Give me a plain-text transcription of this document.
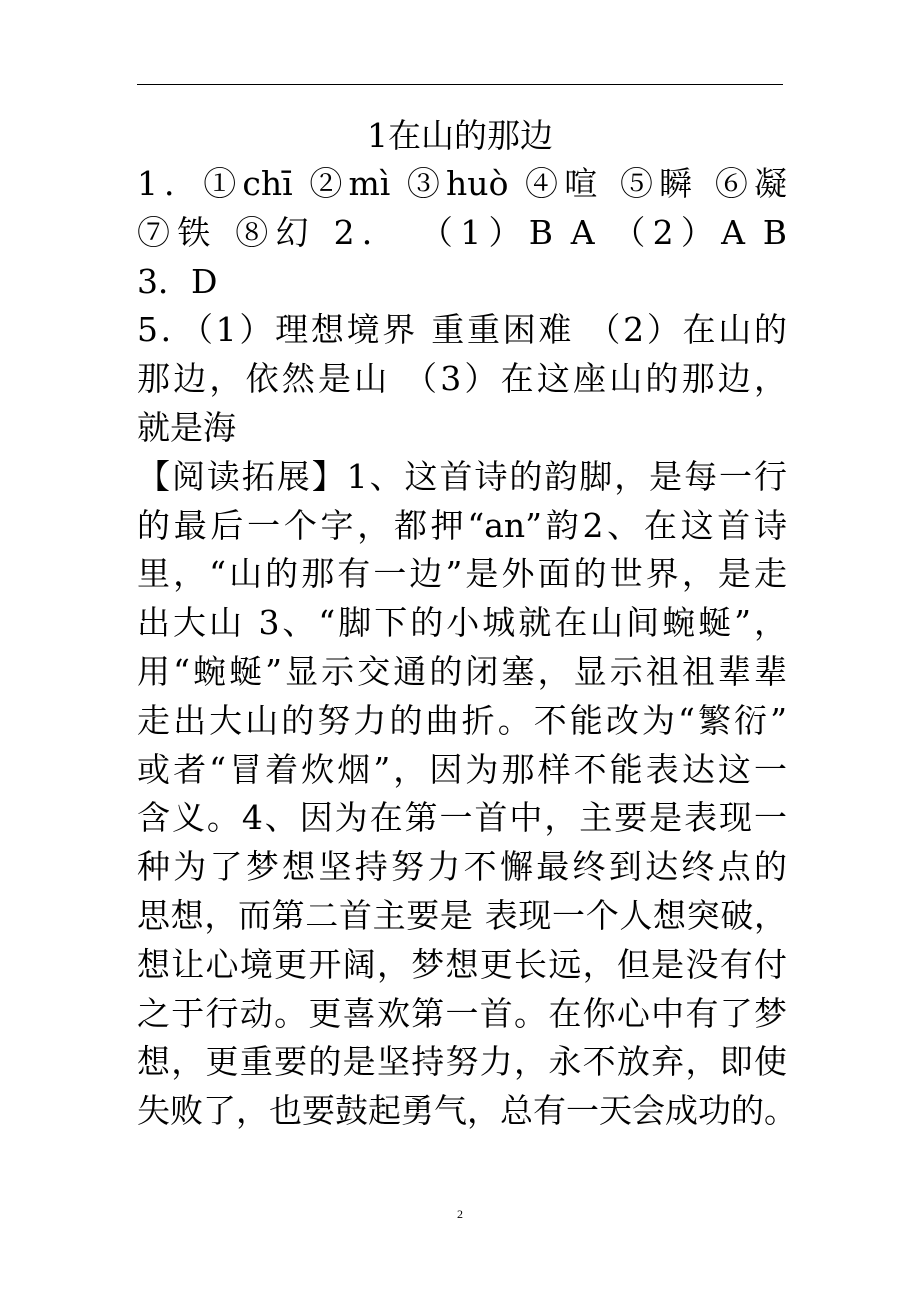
1在山的那边
1．①chī ②mì ③huò ④喧 ⑤瞬 ⑥凝
⑦铁 ⑧幻 2． （1）B A （2）A B
3．D
5．（1）理想境界 重重困难 （2）在山的
那边，依然是山 （3）在这座山的那边，
就是海
【阅读拓展】1、这首诗的韵脚，是每一行
的最后一个字，都押“an”韵2、在这首诗
里，“山的那有一边”是外面的世界，是走
出大山 3、“脚下的小城就在山间蜿蜒”，
用“蜿蜒”显示交通的闭塞，显示祖祖辈辈
走出大山的努力的曲折。不能改为“繁衍”
或者“冒着炊烟”，因为那样不能表达这一
含义。4、因为在第一首中，主要是表现一
种为了梦想坚持努力不懈最终到达终点的
思想，而第二首主要是 表现一个人想突破，
想让心境更开阔，梦想更长远，但是没有付
之于行动。更喜欢第一首。在你心中有了梦
想，更重要的是坚持努力，永不放弃，即使
失败了，也要鼓起勇气，总有一天会成功的。
2
